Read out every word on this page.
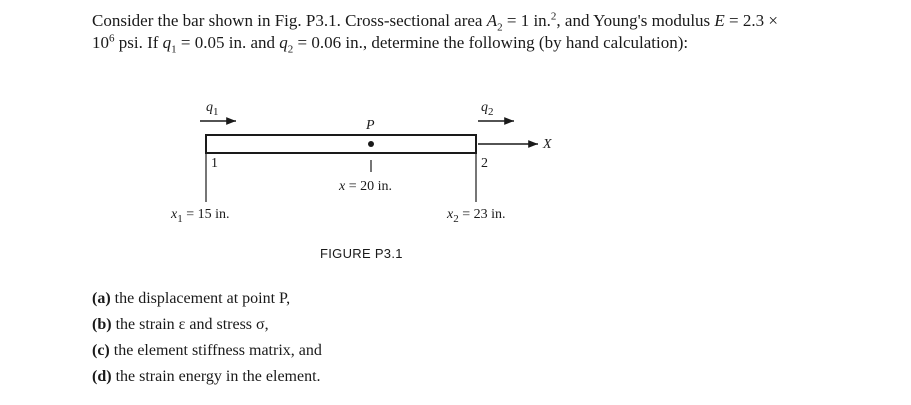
Consider the bar shown in Fig. P3.1. Cross-sectional area $A_2 = 1$ in.$^2$, and Young's modulus $E = 2.3 \times 10^6$ psi. If $q_1 = 0.05$ in. and $q_2 = 0.06$ in., determine the following (by hand calculation):
$q_1$	$q_2$
P
X
1	2
x = 20 in.
$x_1 = 15$ in.	$x_2 = 23$ in.
FIGURE P3.1
(a) the displacement at point P,
(b) the strain ε and stress σ,
(c) the element stiffness matrix, and
(d) the strain energy in the element.
